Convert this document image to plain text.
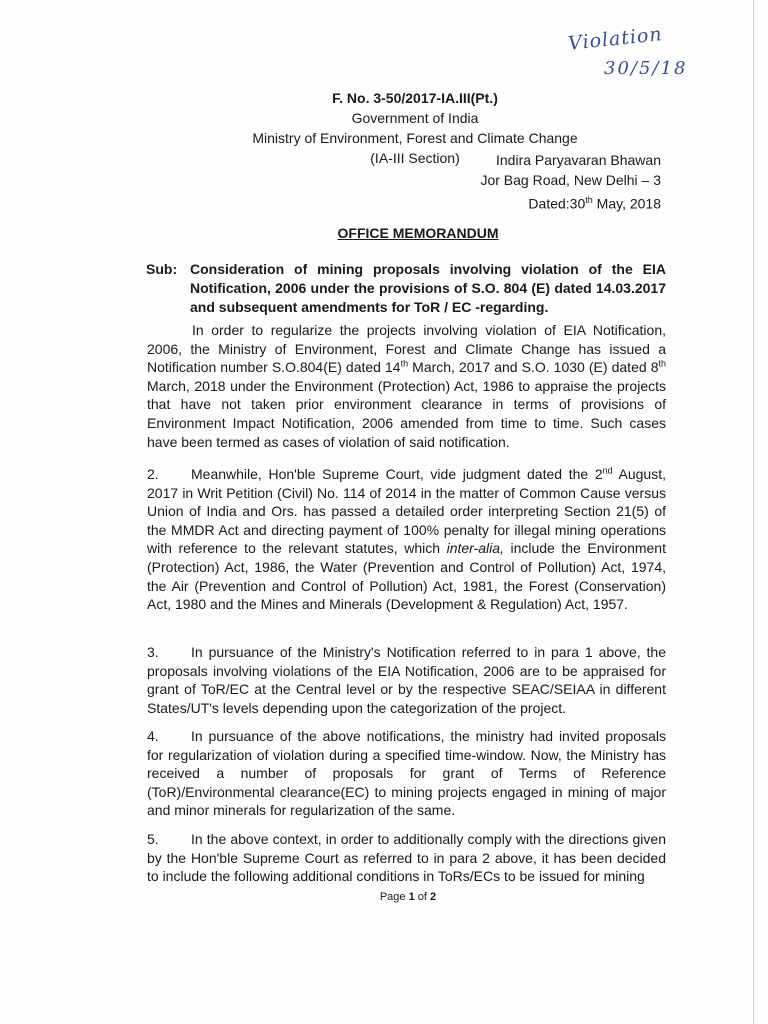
Violation
30/5/18
F. No. 3-50/2017-IA.III(Pt.)
Government of India
Ministry of Environment, Forest and Climate Change
(IA-III Section)	Indira Paryavaran Bhawan
Jor Bag Road, New Delhi – 3
Dated:30th May, 2018
OFFICE MEMORANDUM
Sub: Consideration of mining proposals involving violation of the EIA Notification, 2006 under the provisions of S.O. 804 (E) dated 14.03.2017 and subsequent amendments for ToR / EC -regarding.
In order to regularize the projects involving violation of EIA Notification, 2006, the Ministry of Environment, Forest and Climate Change has issued a Notification number S.O.804(E) dated 14th March, 2017 and S.O. 1030 (E) dated 8th March, 2018 under the Environment (Protection) Act, 1986 to appraise the projects that have not taken prior environment clearance in terms of provisions of Environment Impact Notification, 2006 amended from time to time. Such cases have been termed as cases of violation of said notification.
2. Meanwhile, Hon'ble Supreme Court, vide judgment dated the 2nd August, 2017 in Writ Petition (Civil) No. 114 of 2014 in the matter of Common Cause versus Union of India and Ors. has passed a detailed order interpreting Section 21(5) of the MMDR Act and directing payment of 100% penalty for illegal mining operations with reference to the relevant statutes, which inter-alia, include the Environment (Protection) Act, 1986, the Water (Prevention and Control of Pollution) Act, 1974, the Air (Prevention and Control of Pollution) Act, 1981, the Forest (Conservation) Act, 1980 and the Mines and Minerals (Development & Regulation) Act, 1957.
3. In pursuance of the Ministry's Notification referred to in para 1 above, the proposals involving violations of the EIA Notification, 2006 are to be appraised for grant of ToR/EC at the Central level or by the respective SEAC/SEIAA in different States/UT's levels depending upon the categorization of the project.
4. In pursuance of the above notifications, the ministry had invited proposals for regularization of violation during a specified time-window. Now, the Ministry has received a number of proposals for grant of Terms of Reference (ToR)/Environmental clearance(EC) to mining projects engaged in mining of major and minor minerals for regularization of the same.
5. In the above context, in order to additionally comply with the directions given by the Hon'ble Supreme Court as referred to in para 2 above, it has been decided to include the following additional conditions in ToRs/ECs to be issued for mining
Page 1 of 2
